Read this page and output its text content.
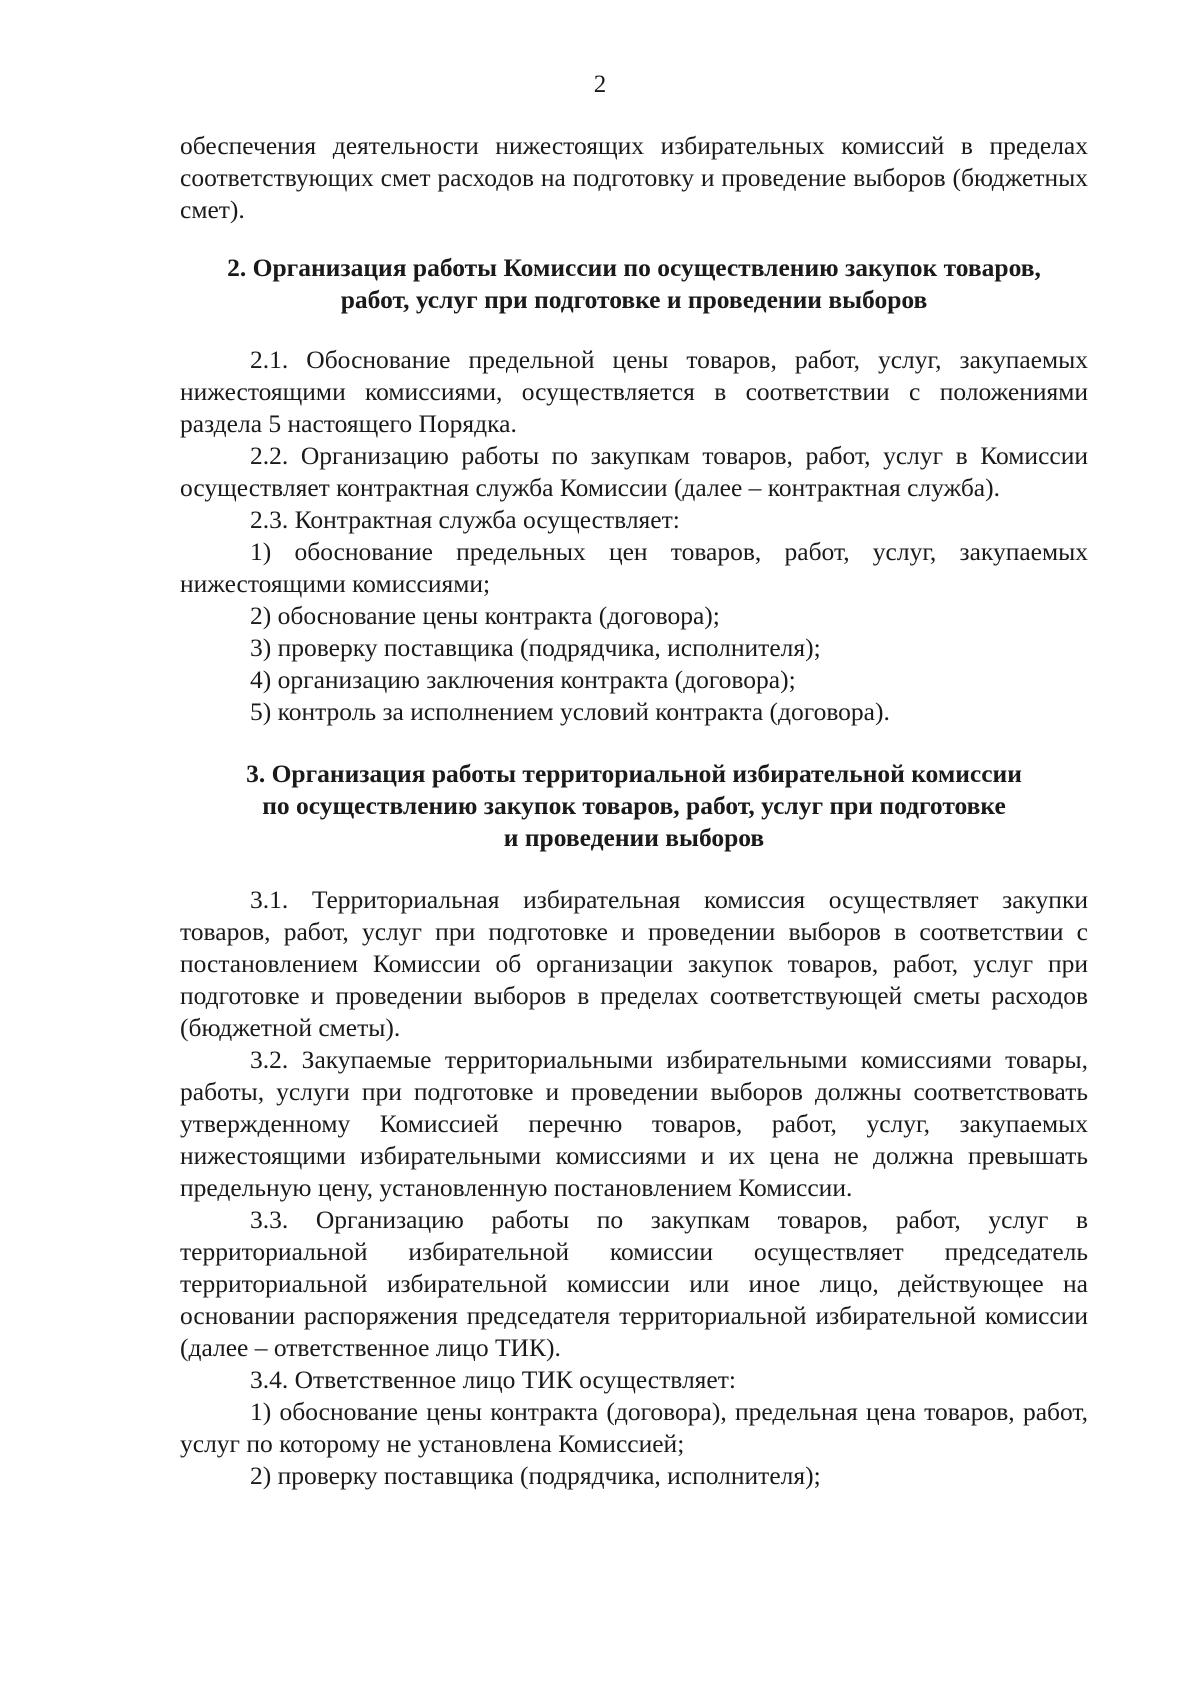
2

обеспечения деятельности нижестоящих избирательных комиссий в пределах соответствующих смет расходов на подготовку и проведение выборов (бюджетных смет).

2. Организация работы Комиссии по осуществлению закупок товаров,
работ, услуг при подготовке и проведении выборов

2.1. Обоснование предельной цены товаров, работ, услуг, закупаемых нижестоящими комиссиями, осуществляется в соответствии с положениями раздела 5 настоящего Порядка.

2.2. Организацию работы по закупкам товаров, работ, услуг в Комиссии осуществляет контрактная служба Комиссии (далее – контрактная служба).

2.3. Контрактная служба осуществляет:

1) обоснование предельных цен товаров, работ, услуг, закупаемых нижестоящими комиссиями;

2) обоснование цены контракта (договора);

3) проверку поставщика (подрядчика, исполнителя);

4) организацию заключения контракта (договора);

5) контроль за исполнением условий контракта (договора).

3. Организация работы территориальной избирательной комиссии
по осуществлению закупок товаров, работ, услуг при подготовке
и проведении выборов

3.1. Территориальная избирательная комиссия осуществляет закупки товаров, работ, услуг при подготовке и проведении выборов в соответствии с постановлением Комиссии об организации закупок товаров, работ, услуг при подготовке и проведении выборов в пределах соответствующей сметы расходов (бюджетной сметы).

3.2. Закупаемые территориальными избирательными комиссиями товары, работы, услуги при подготовке и проведении выборов должны соответствовать утвержденному Комиссией перечню товаров, работ, услуг, закупаемых нижестоящими избирательными комиссиями и их цена не должна превышать предельную цену, установленную постановлением Комиссии.

3.3. Организацию работы по закупкам товаров, работ, услуг в территориальной избирательной комиссии осуществляет председатель территориальной избирательной комиссии или иное лицо, действующее на основании распоряжения председателя территориальной избирательной комиссии (далее – ответственное лицо ТИК).

3.4. Ответственное лицо ТИК осуществляет:

1) обоснование цены контракта (договора), предельная цена товаров, работ, услуг по которому не установлена Комиссией;

2) проверку поставщика (подрядчика, исполнителя);
